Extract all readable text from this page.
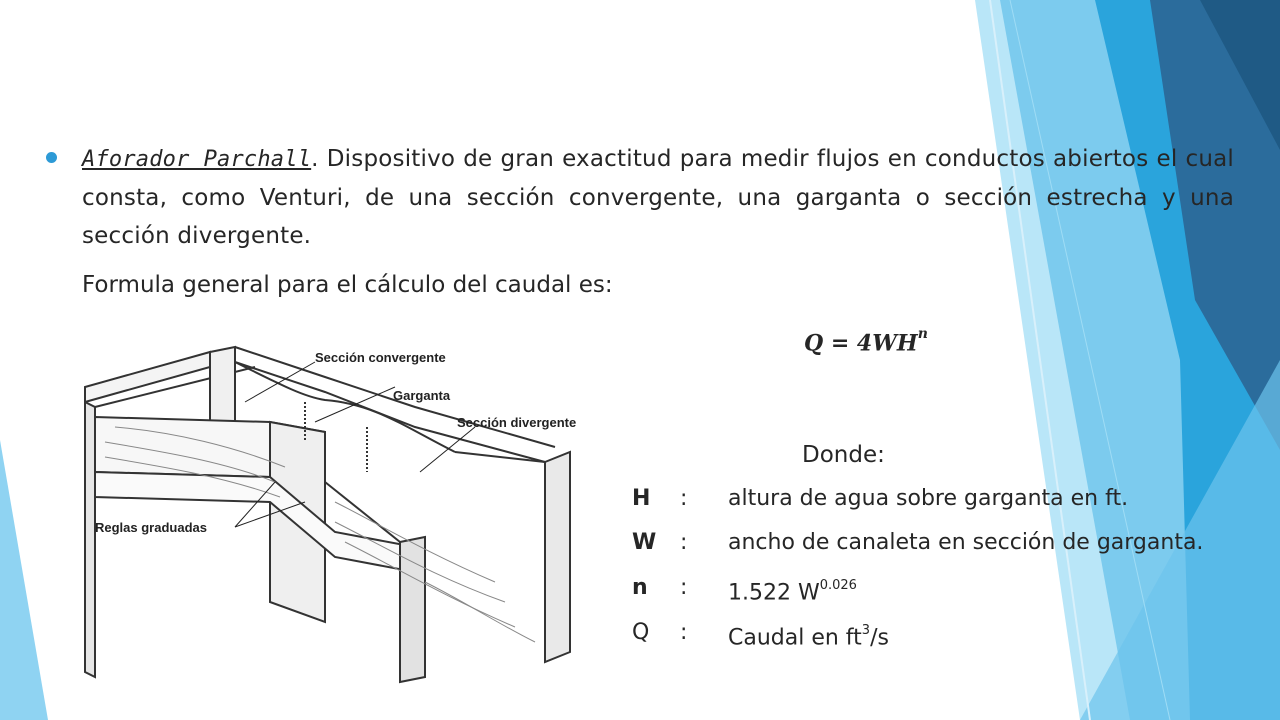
Aforador Parchall. Dispositivo de gran exactitud para medir flujos en conductos abiertos el cual consta, como Venturi, de una sección convergente, una garganta o sección estrecha y una sección divergente.
Formula general para el cálculo del caudal es:
$Q = 4WH^n$
Donde:
H	: altura de agua sobre garganta en ft.
W : ancho de canaleta en sección de garganta.
n	: 1.522 $W^{0.026}$
Q	: Caudal en $ft^3/s$
Sección convergente
Garganta
Sección divergente
Reglas graduadas
